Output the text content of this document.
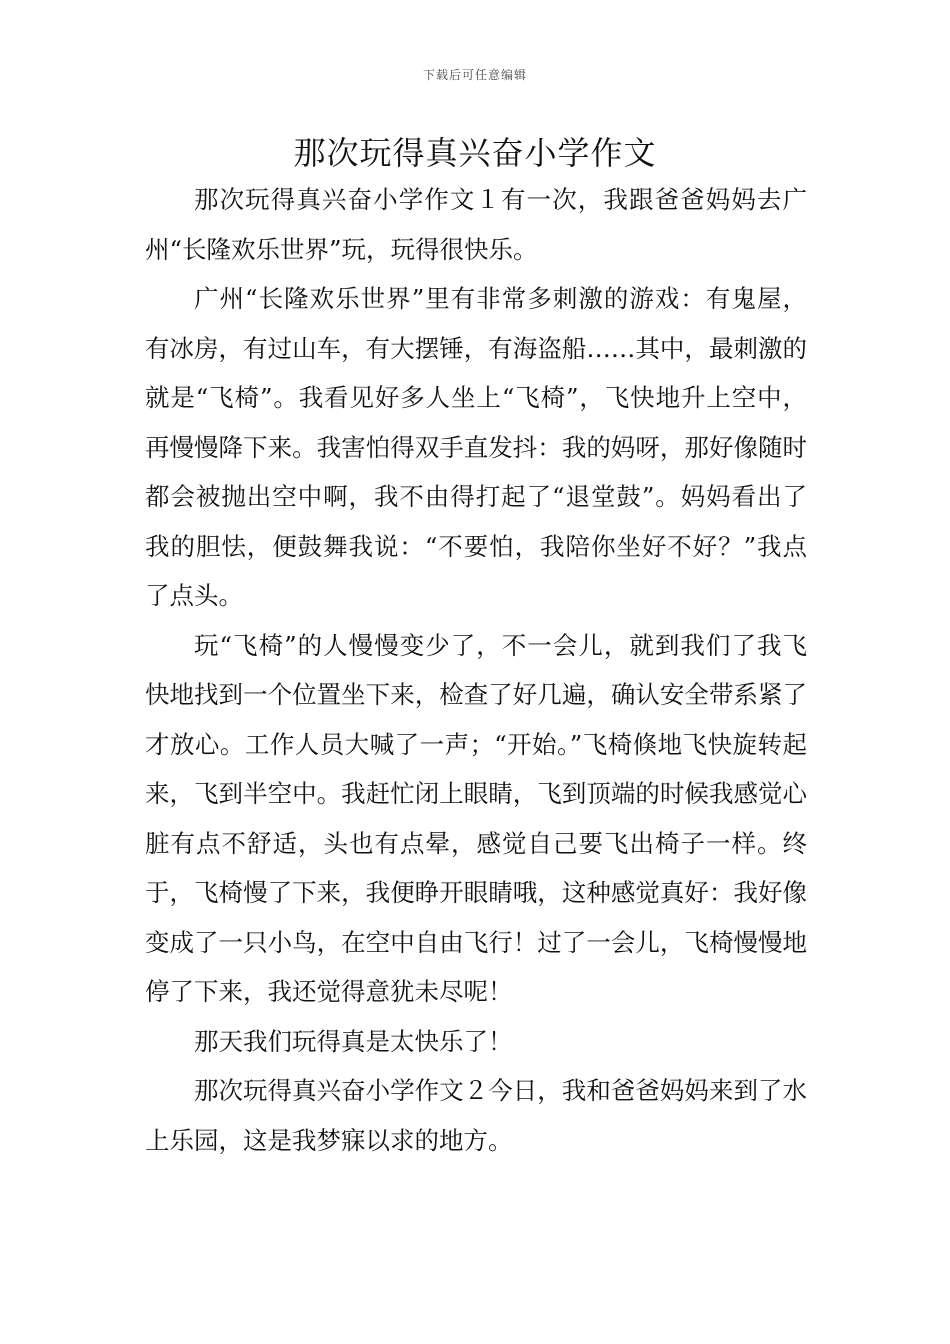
下载后可任意编辑
那次玩得真兴奋小学作文

那次玩得真兴奋小学作文１有一次，我跟爸爸妈妈去广州“长隆欢乐世界”玩，玩得很快乐。

广州“长隆欢乐世界”里有非常多刺激的游戏：有鬼屋，有冰房，有过山车，有大摆锤，有海盗船……其中，最刺激的就是“飞椅”。我看见好多人坐上“飞椅”，飞快地升上空中，再慢慢降下来。我害怕得双手直发抖：我的妈呀，那好像随时都会被抛出空中啊，我不由得打起了“退堂鼓”。妈妈看出了我的胆怯，便鼓舞我说：“不要怕，我陪你坐好不好？”我点了点头。

玩“飞椅”的人慢慢变少了，不一会儿，就到我们了我飞快地找到一个位置坐下来，检查了好几遍，确认安全带系紧了才放心。工作人员大喊了一声；“开始。”飞椅倏地飞快旋转起来，飞到半空中。我赶忙闭上眼睛，飞到顶端的时候我感觉心脏有点不舒适，头也有点晕，感觉自己要飞出椅子一样。终于，飞椅慢了下来，我便睁开眼睛哦，这种感觉真好：我好像变成了一只小鸟，在空中自由飞行！过了一会儿，飞椅慢慢地停了下来，我还觉得意犹未尽呢！

那天我们玩得真是太快乐了！

那次玩得真兴奋小学作文２今日，我和爸爸妈妈来到了水上乐园，这是我梦寐以求的地方。
